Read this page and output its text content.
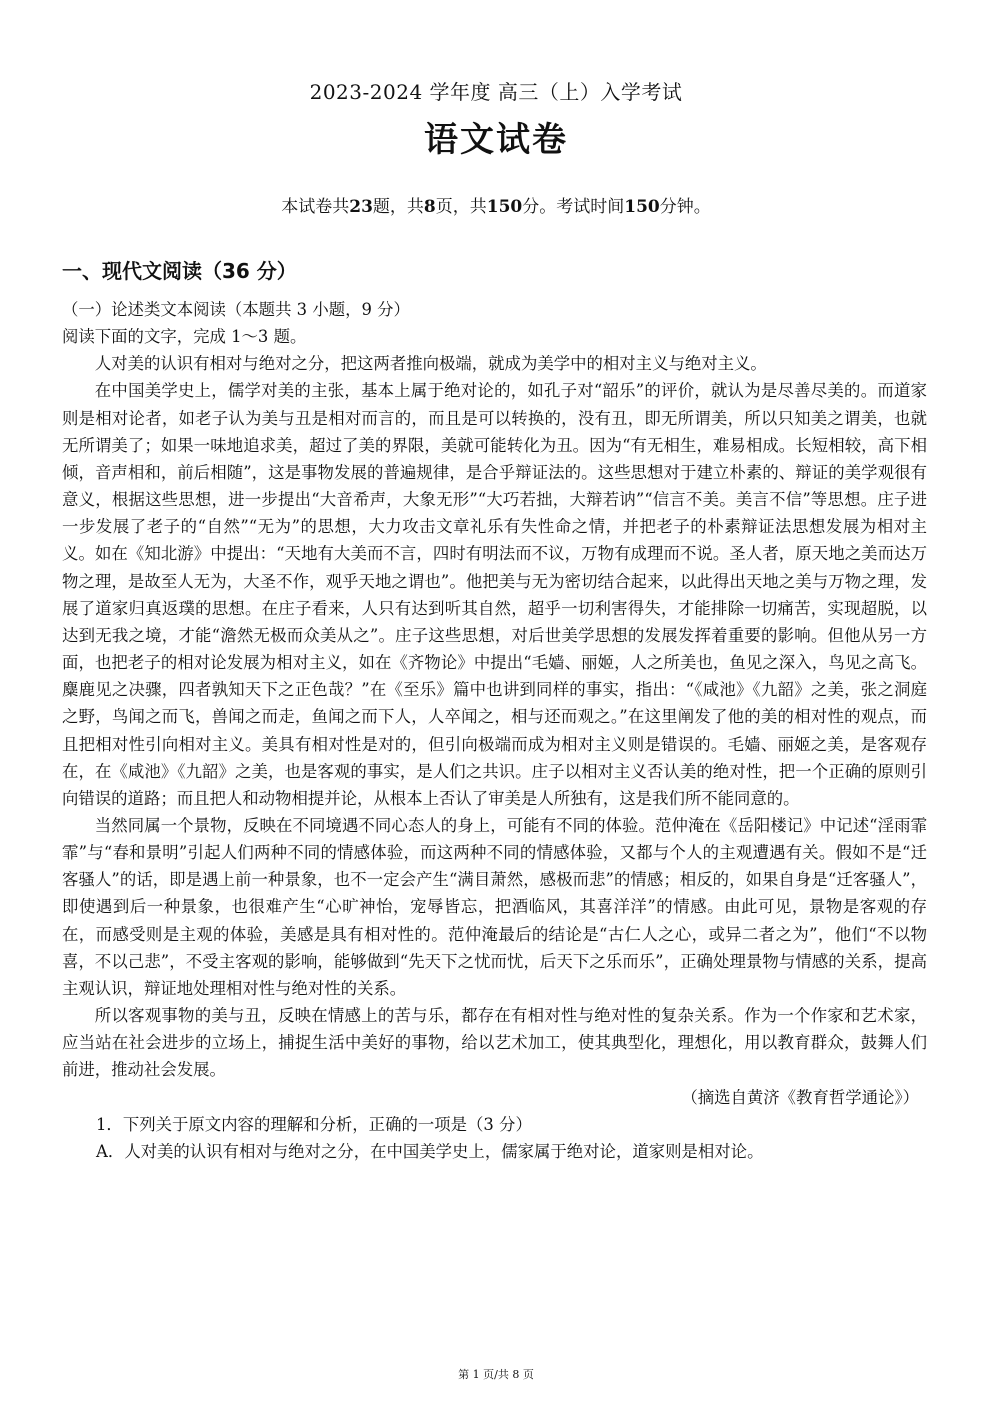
2023-2024 学年度 高三（上）入学考试
语文试卷
本试卷共23题，共8页，共150分。考试时间150分钟。
一、现代文阅读（36 分）

（一）论述类文本阅读（本题共 3 小题，9 分）

阅读下面的文字，完成 1～3 题。

人对美的认识有相对与绝对之分，把这两者推向极端，就成为美学中的相对主义与绝对主义。

在中国美学史上，儒学对美的主张，基本上属于绝对论的，如孔子对“韶乐”的评价，就认为是尽善尽美的。而道家则是相对论者，如老子认为美与丑是相对而言的，而且是可以转换的，没有丑，即无所谓美，所以只知美之谓美，也就无所谓美了；如果一味地追求美，超过了美的界限，美就可能转化为丑。因为“有无相生，难易相成。长短相较，高下相倾，音声相和，前后相随”，这是事物发展的普遍规律，是合乎辩证法的。这些思想对于建立朴素的、辩证的美学观很有意义，根据这些思想，进一步提出“大音希声，大象无形”“大巧若拙，大辩若讷”“信言不美。美言不信”等思想。庄子进一步发展了老子的“自然”“无为”的思想，大力攻击文章礼乐有失性命之情，并把老子的朴素辩证法思想发展为相对主义。如在《知北游》中提出：“天地有大美而不言，四时有明法而不议，万物有成理而不说。圣人者，原天地之美而达万物之理，是故至人无为，大圣不作，观乎天地之谓也”。他把美与无为密切结合起来，以此得出天地之美与万物之理，发展了道家归真返璞的思想。在庄子看来，人只有达到听其自然，超乎一切利害得失，才能排除一切痛苦，实现超脱，以达到无我之境，才能“澹然无极而众美从之”。庄子这些思想，对后世美学思想的发展发挥着重要的影响。但他从另一方面，也把老子的相对论发展为相对主义，如在《齐物论》中提出“毛嫱、丽姬，人之所美也，鱼见之深入，鸟见之高飞。麋鹿见之决骤，四者孰知天下之正色哉？”在《至乐》篇中也讲到同样的事实，指出：“《咸池》《九韶》之美，张之洞庭之野，鸟闻之而飞，兽闻之而走，鱼闻之而下人，人卒闻之，相与还而观之。”在这里阐发了他的美的相对性的观点，而且把相对性引向相对主义。美具有相对性是对的，但引向极端而成为相对主义则是错误的。毛嫱、丽姬之美，是客观存在，在《咸池》《九韶》之美，也是客观的事实，是人们之共识。庄子以相对主义否认美的绝对性，把一个正确的原则引向错误的道路；而且把人和动物相提并论，从根本上否认了审美是人所独有，这是我们所不能同意的。

当然同属一个景物，反映在不同境遇不同心态人的身上，可能有不同的体验。范仲淹在《岳阳楼记》中记述“淫雨霏霏”与“春和景明”引起人们两种不同的情感体验，而这两种不同的情感体验，又都与个人的主观遭遇有关。假如不是“迁客骚人”的话，即是遇上前一种景象，也不一定会产生“满目萧然，感极而悲”的情感；相反的，如果自身是“迁客骚人”，即使遇到后一种景象，也很难产生“心旷神怡，宠辱皆忘，把酒临风，其喜洋洋”的情感。由此可见，景物是客观的存在，而感受则是主观的体验，美感是具有相对性的。范仲淹最后的结论是“古仁人之心，或异二者之为”，他们“不以物喜，不以己悲”，不受主客观的影响，能够做到“先天下之忧而忧，后天下之乐而乐”，正确处理景物与情感的关系，提高主观认识，辩证地处理相对性与绝对性的关系。

所以客观事物的美与丑，反映在情感上的苦与乐，都存在有相对性与绝对性的复杂关系。作为一个作家和艺术家，应当站在社会进步的立场上，捕捉生活中美好的事物，给以艺术加工，使其典型化，理想化，用以教育群众，鼓舞人们前进，推动社会发展。

（摘选自黄济《教育哲学通论》）

1．下列关于原文内容的理解和分析，正确的一项是（3 分）

A．人对美的认识有相对与绝对之分，在中国美学史上，儒家属于绝对论，道家则是相对论。

第 1 页/共 8 页
